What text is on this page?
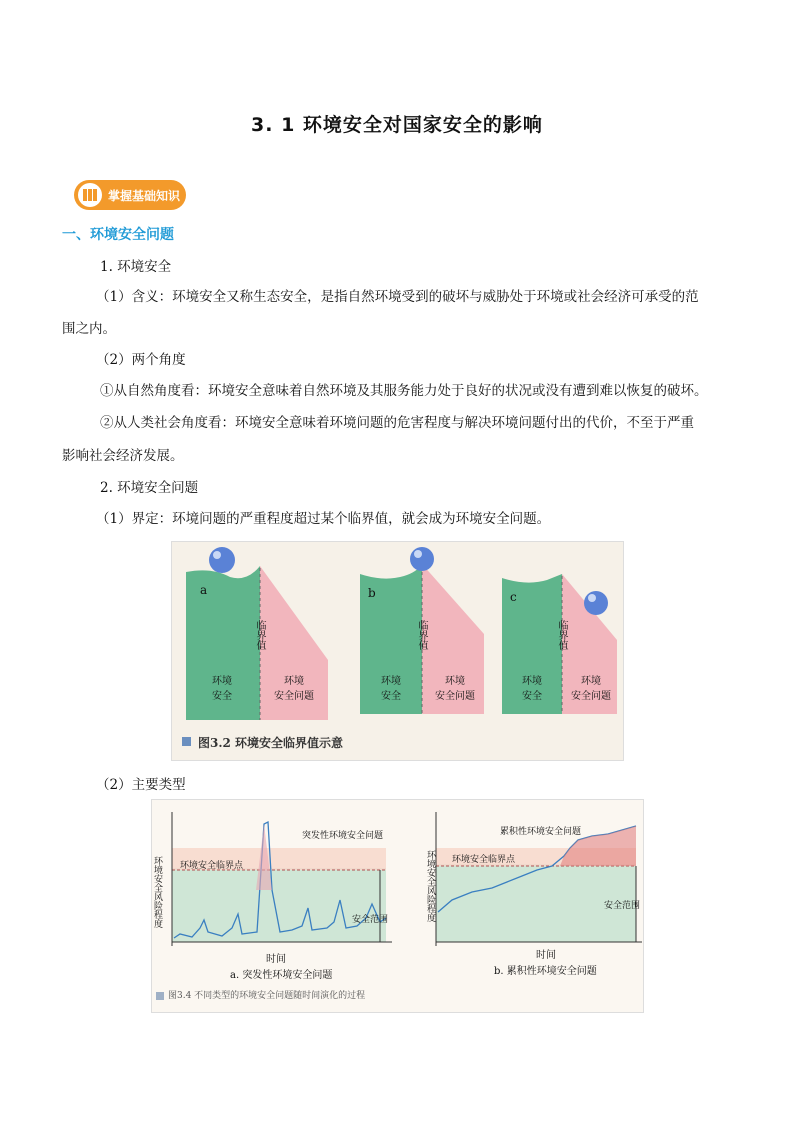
3. 1 环境安全对国家安全的影响
掌握基础知识
一、环境安全问题
1. 环境安全
（1）含义：环境安全又称生态安全，是指自然环境受到的破坏与威胁处于环境或社会经济可承受的范
围之内。
（2）两个角度
①从自然角度看：环境安全意味着自然环境及其服务能力处于良好的状况或没有遭到难以恢复的破坏。
②从人类社会角度看：环境安全意味着环境问题的危害程度与解决环境问题付出的代价，不至于严重
影响社会经济发展。
2. 环境安全问题
（1）界定：环境问题的严重程度超过某个临界值，就会成为环境安全问题。
a
临界值
环境
安全
环境
安全问题
b
临界值
环境
安全
环境
安全问题
c
临界值
环境
安全
环境
安全问题
图3.2 环境安全临界值示意
（2）主要类型
环境安全风险程度 环境安全临界点
突发性环境安全问题
安全范围
时间
a. 突发性环境安全问题
环境安全风险程度 环境安全临界点
累积性环境安全问题
安全范围
时间
b. 累积性环境安全问题
图3.4 不同类型的环境安全问题随时间演化的过程
